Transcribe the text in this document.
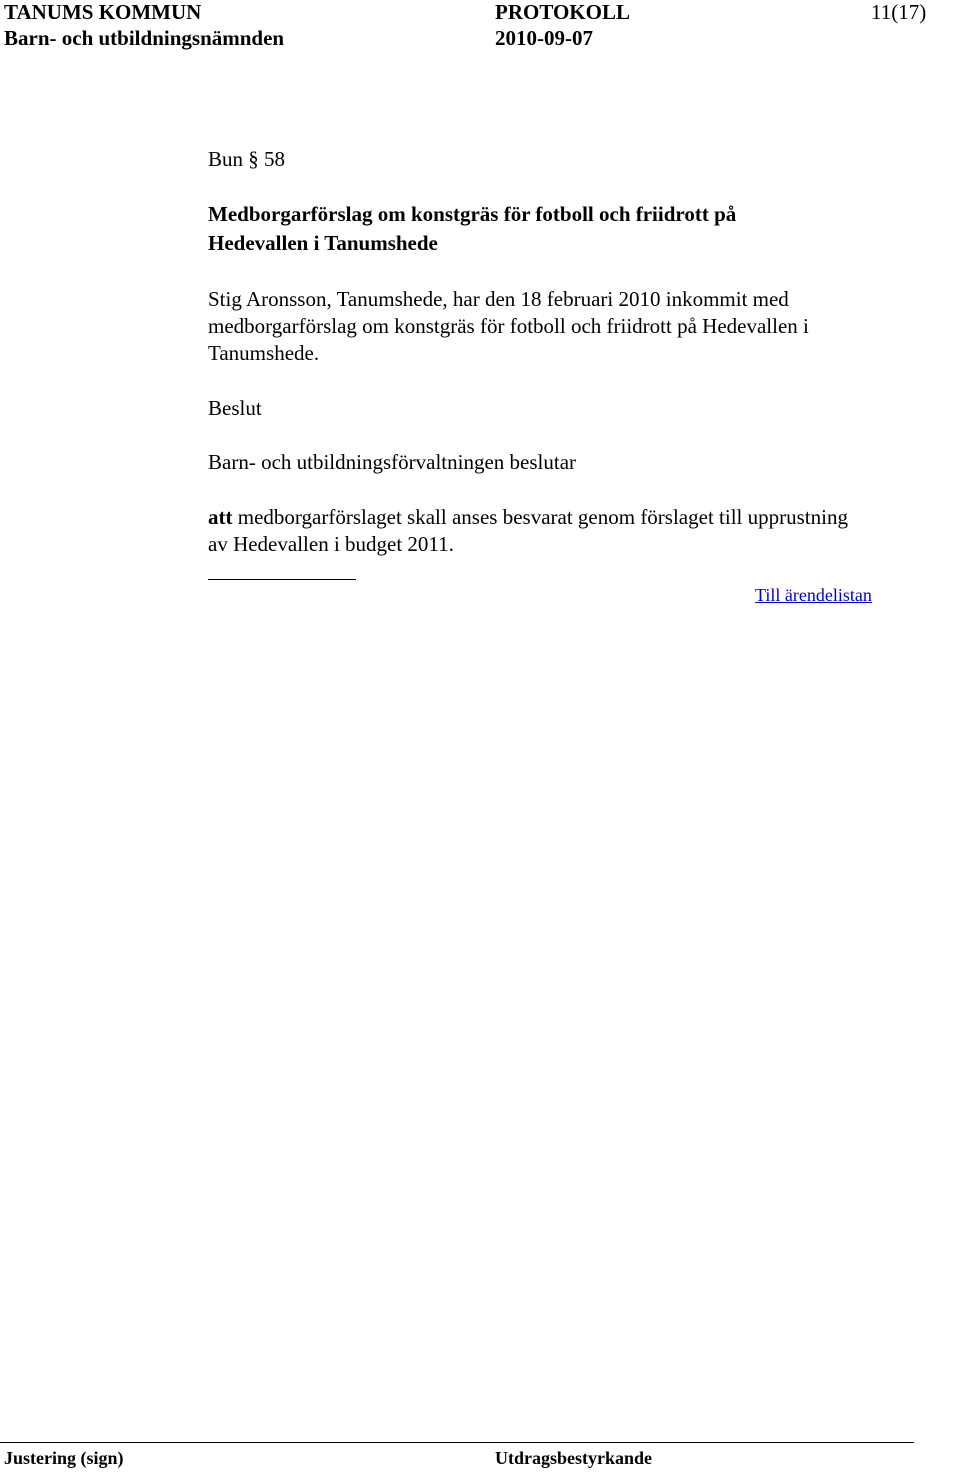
TANUMS KOMMUN	PROTOKOLL	11(17)
Barn- och utbildningsnämnden	2010-09-07
Bun § 58
Medborgarförslag om konstgräs för fotboll och friidrott på
Hedevallen i Tanumshede
Stig Aronsson, Tanumshede, har den 18 februari 2010 inkommit med
medborgarförslag om konstgräs för fotboll och friidrott på Hedevallen i
Tanumshede.
Beslut
Barn- och utbildningsförvaltningen beslutar
att medborgarförslaget skall anses besvarat genom förslaget till upprustning
av Hedevallen i budget 2011.
Till ärendelistan
Justering (sign)	Utdragsbestyrkande
